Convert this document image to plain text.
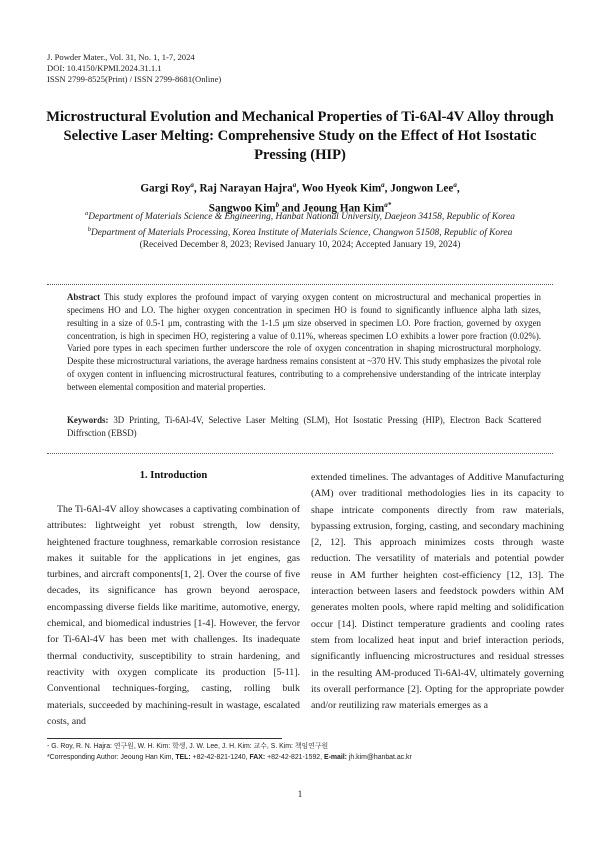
J. Powder Mater., Vol. 31, No. 1, 1-7, 2024
DOI: 10.4150/KPMI.2024.31.1.1
ISSN 2799-8525(Print) / ISSN 2799-8681(Online)
Microstructural Evolution and Mechanical Properties of Ti-6Al-4V Alloy through Selective Laser Melting: Comprehensive Study on the Effect of Hot Isostatic Pressing (HIP)
Gargi Roy$^a$, Raj Narayan Hajra$^a$, Woo Hyeok Kim$^a$, Jongwon Lee$^a$,
Sangwoo Kim$^b$ and Jeoung Han Kim$^{a*}$
$^a$Department of Materials Science & Engineering, Hanbat National University, Daejeon 34158, Republic of Korea
$^b$Department of Materials Processing, Korea Institute of Materials Science, Changwon 51508, Republic of Korea
(Received December 8, 2023; Revised January 10, 2024; Accepted January 19, 2024)
Abstract This study explores the profound impact of varying oxygen content on microstructural and mechanical properties in specimens HO and LO. The higher oxygen concentration in specimen HO is found to significantly influence alpha lath sizes, resulting in a size of 0.5-1 μm, contrasting with the 1-1.5 μm size observed in specimen LO. Pore fraction, governed by oxygen concentration, is high in specimen HO, registering a value of 0.11%, whereas specimen LO exhibits a lower pore fraction (0.02%). Varied pore types in each specimen further underscore the role of oxygen concentration in shaping microstructural morphology. Despite these microstructural variations, the average hardness remains consistent at ~370 HV. This study emphasizes the pivotal role of oxygen content in influencing microstructural features, contributing to a comprehensive understanding of the intricate interplay between elemental composition and material properties.
Keywords: 3D Printing, Ti-6Al-4V, Selective Laser Melting (SLM), Hot Isostatic Pressing (HIP), Electron Back Scattered Diffrsction (EBSD)
1. Introduction

The Ti-6Al-4V alloy showcases a captivating combination of attributes: lightweight yet robust strength, low density, heightened fracture toughness, remarkable corrosion resistance makes it suitable for the applications in jet engines, gas turbines, and aircraft components[1, 2]. Over the course of five decades, its significance has grown beyond aerospace, encompassing diverse fields like maritime, automotive, energy, chemical, and biomedical industries [1-4]. However, the fervor for Ti-6Al-4V has been met with challenges. Its inadequate thermal conductivity, susceptibility to strain hardening, and reactivity with oxygen complicate its production [5-11]. Conventional techniques-forging, casting, rolling bulk materials, succeeded by machining-result in wastage, escalated costs, and

extended timelines. The advantages of Additive Manufacturing (AM) over traditional methodologies lies in its capacity to shape intricate components directly from raw materials, bypassing extrusion, forging, casting, and secondary machining [2, 12]. This approach minimizes costs through waste reduction. The versatility of materials and potential powder reuse in AM further heighten cost-efficiency [12, 13]. The interaction between lasers and feedstock powders within AM generates molten pools, where rapid melting and solidification occur [14]. Distinct temperature gradients and cooling rates stem from localized heat input and brief interaction periods, significantly influencing microstructures and residual stresses in the resulting AM-produced Ti-6Al-4V, ultimately governing its overall performance [2]. Opting for the appropriate powder and/or reutilizing raw materials emerges as a

- G. Roy, R. N. Hajra: 연구원, W. H. Kim: 학생, J. W. Lee, J. H. Kim: 교수, S. Kim: 책임연구원
*Corresponding Author: Jeoung Han Kim, TEL: +82-42-821-1240, FAX: +82-42-821-1592, E-mail: jh.kim@hanbat.ac.kr
1
